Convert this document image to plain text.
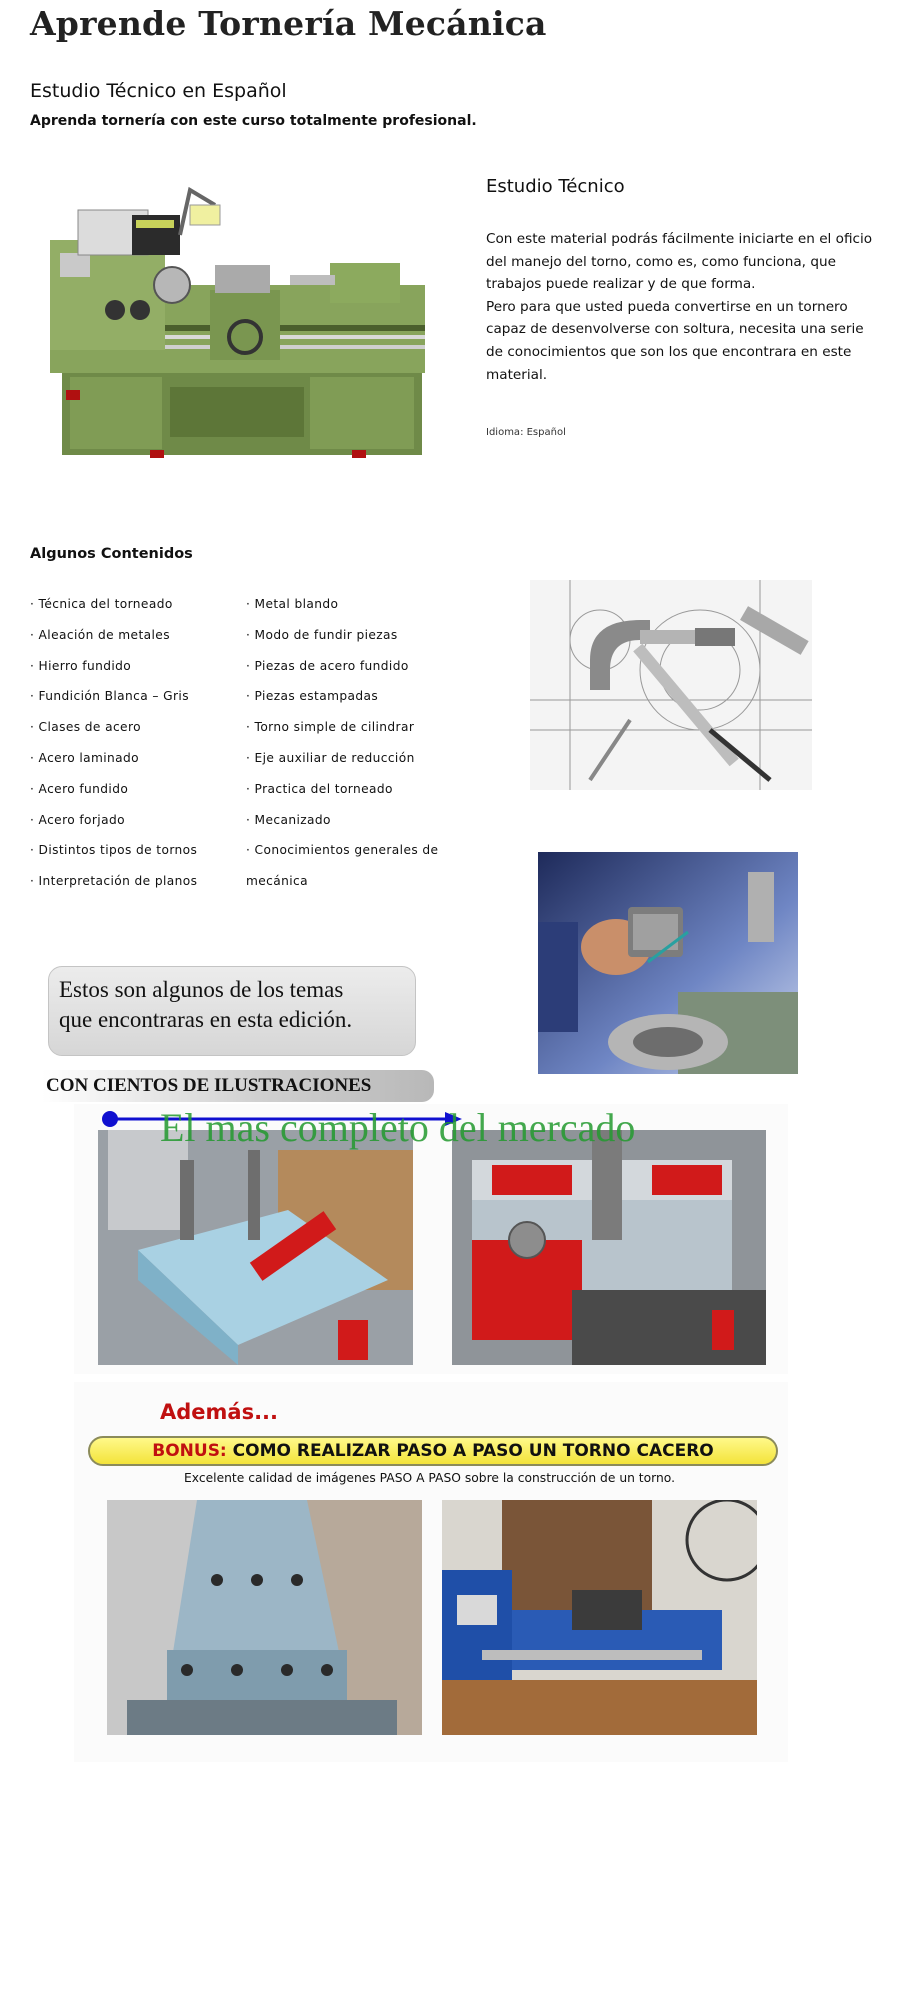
Aprende Tornería Mecánica
Estudio Técnico en Español
Aprenda tornería con este curso totalmente profesional.
Estudio Técnico

Con este material podrás fácilmente iniciarte en el oficio del manejo del torno, como es, como funciona, que trabajos puede realizar y de que forma.

Pero para que usted pueda convertirse en un tornero capaz de desenvolverse con soltura, necesita una serie de conocimientos que son los que encontrara en este material.

Idioma: Español
Algunos Contenidos
· Técnica del torneado
· Aleación de metales
· Hierro fundido
· Fundición Blanca – Gris
· Clases de acero
· Acero laminado
· Acero fundido
· Acero forjado
· Distintos tipos de tornos
· Interpretación de planos
· Metal blando
· Modo de fundir piezas
· Piezas de acero fundido
· Piezas estampadas
· Torno simple de cilindrar
· Eje auxiliar de reducción
· Practica del torneado
· Mecanizado
· Conocimientos generales de
mecánica
Estos son algunos de los temas
que encontraras en esta edición.
CON CIENTOS DE ILUSTRACIONES
El mas completo del mercado
Además...
BONUS: COMO REALIZAR PASO A PASO UN TORNO CACERO
Excelente calidad de imágenes PASO A PASO sobre la construcción de un torno.
